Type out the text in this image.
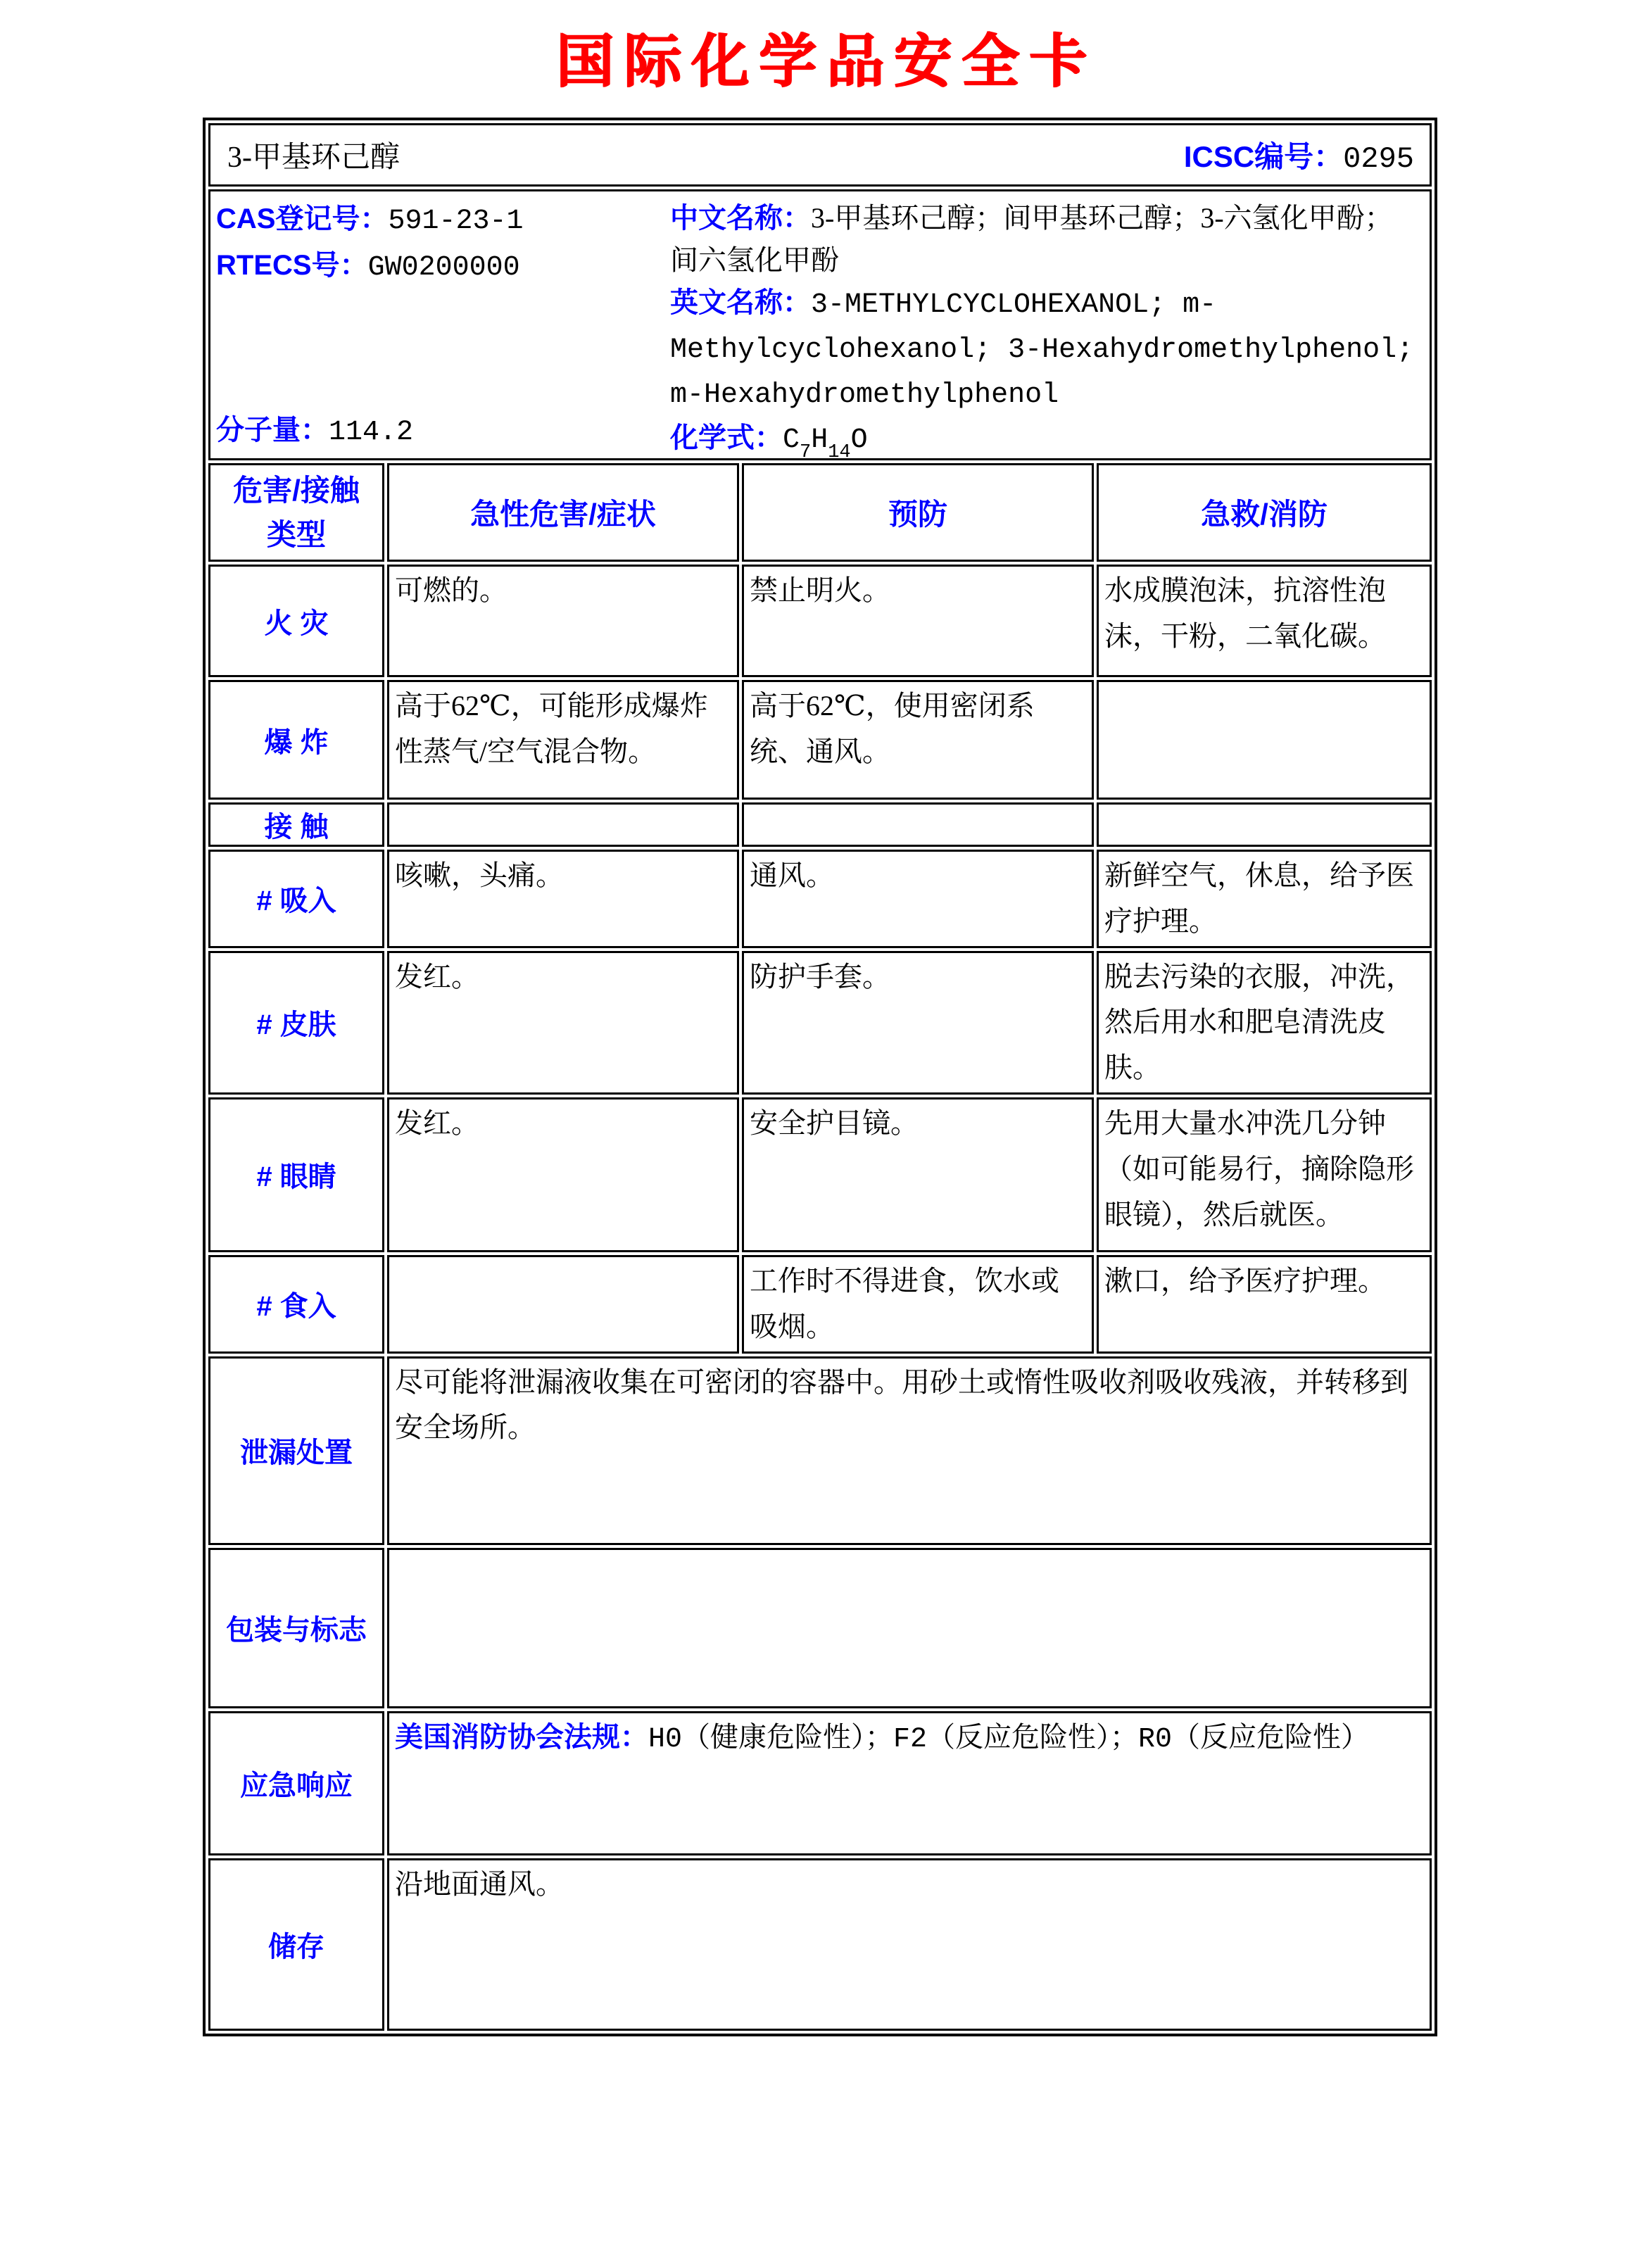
国际化学品安全卡
3-甲基环己醇 ICSC编号：0295			

CAS登记号：591-23-1
RTECS号：GW0200000
分子量：114.2

中文名称：3-甲基环己醇；间甲基环己醇；3-六氢化甲酚；间六氢化甲酚

英文名称：3-METHYLCYCLOHEXANOL; m-Methylcyclohexanol; 3-Hexahydromethylphenol; m-Hexahydromethylphenol

化学式：$C_7H_{14}O$

危害/接触类型	急性危害/症状	预防	急救/消防
火 灾	可燃的。	禁止明火。	水成膜泡沫，抗溶性泡沫，干粉，二氧化碳。
爆 炸	高于62℃，可能形成爆炸性蒸气/空气混合物。	高于62℃，使用密闭系统、通风。	
接 触			
# 吸入	咳嗽，头痛。	通风。	新鲜空气，休息，给予医疗护理。
# 皮肤	发红。	防护手套。	脱去污染的衣服，冲洗，然后用水和肥皂清洗皮肤。
# 眼睛	发红。	安全护目镜。	先用大量水冲洗几分钟（如可能易行，摘除隐形眼镜），然后就医。
# 食入		工作时不得进食，饮水或吸烟。	漱口，给予医疗护理。
泄漏处置	尽可能将泄漏液收集在可密闭的容器中。用砂土或惰性吸收剂吸收残液，并转移到安全场所。		
包装与标志			
应急响应	美国消防协会法规：H0（健康危险性）；F2（反应危险性）；R0（反应危险性）		
储存	沿地面通风。		
